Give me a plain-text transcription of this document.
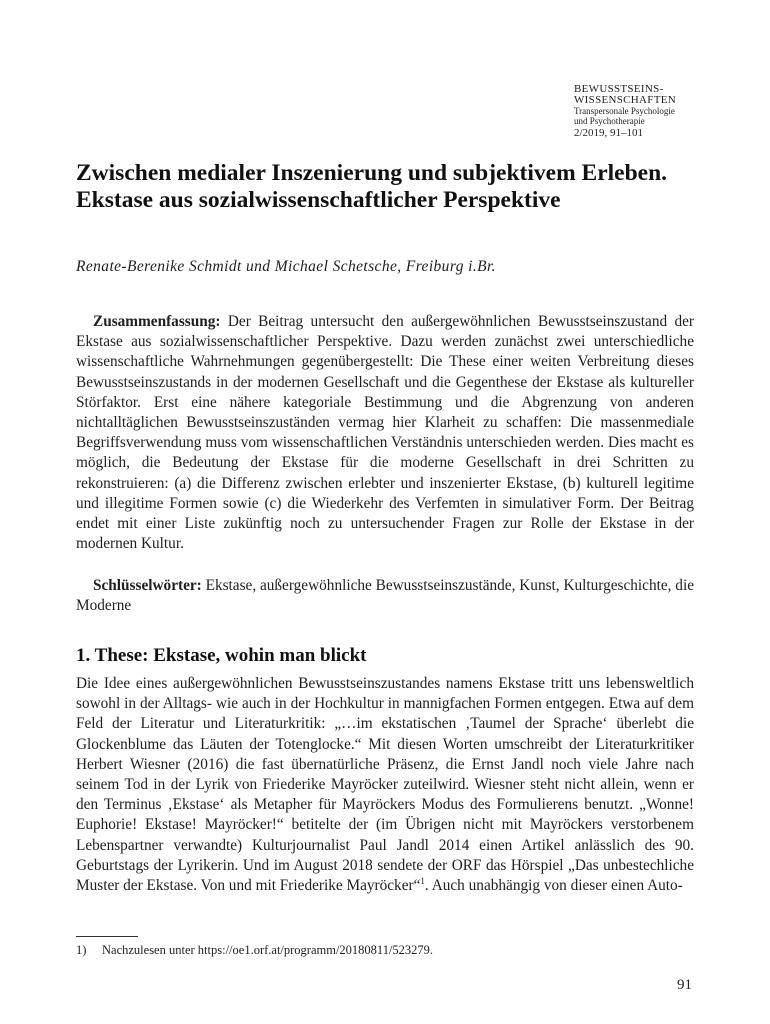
BEWUSSTSEINS-
WISSENSCHAFTEN
Transpersonale Psychologie
und Psychotherapie
2/2019, 91–101
Zwischen medialer Inszenierung und subjektivem Erleben. Ekstase aus sozialwissenschaftlicher Perspektive
Renate-Berenike Schmidt und Michael Schetsche, Freiburg i.Br.

Zusammenfassung: Der Beitrag untersucht den außergewöhnlichen Bewusstseinszustand der Ekstase aus sozialwissenschaftlicher Perspektive. Dazu werden zunächst zwei unterschiedliche wissenschaftliche Wahrnehmungen gegenübergestellt: Die These einer weiten Verbreitung dieses Bewusstseinszustands in der modernen Gesellschaft und die Gegenthese der Ekstase als kultureller Störfaktor. Erst eine nähere kategoriale Bestimmung und die Abgrenzung von anderen nichtalltäglichen Bewusstseinszuständen vermag hier Klarheit zu schaffen: Die massenmediale Begriffsverwendung muss vom wissenschaftlichen Verständnis unterschieden werden. Dies macht es möglich, die Bedeutung der Ekstase für die moderne Gesellschaft in drei Schritten zu rekonstruieren: (a) die Differenz zwischen erlebter und inszenierter Ekstase, (b) kulturell legitime und illegitime Formen sowie (c) die Wiederkehr des Verfemten in simulativer Form. Der Beitrag endet mit einer Liste zukünftig noch zu untersuchender Fragen zur Rolle der Ekstase in der modernen Kultur.

Schlüsselwörter: Ekstase, außergewöhnliche Bewusstseinszustände, Kunst, Kulturgeschichte, die Moderne

1. These: Ekstase, wohin man blickt

Die Idee eines außergewöhnlichen Bewusstseinszustandes namens Ekstase tritt uns lebensweltlich sowohl in der Alltags- wie auch in der Hochkultur in mannigfachen Formen entgegen. Etwa auf dem Feld der Literatur und Literaturkritik: „…im ekstatischen ‚Taumel der Sprache‘ überlebt die Glockenblume das Läuten der Totenglocke.“ Mit diesen Worten umschreibt der Literaturkritiker Herbert Wiesner (2016) die fast übernatürliche Präsenz, die Ernst Jandl noch viele Jahre nach seinem Tod in der Lyrik von Friederike Mayröcker zuteilwird. Wiesner steht nicht allein, wenn er den Terminus ‚Ekstase‘ als Metapher für Mayröckers Modus des Formulierens benutzt. „Wonne! Euphorie! Ekstase! Mayröcker!“ betitelte der (im Übrigen nicht mit Mayröckers verstorbenem Lebenspartner verwandte) Kulturjournalist Paul Jandl 2014 einen Artikel anlässlich des 90. Geburtstags der Lyrikerin. Und im August 2018 sendete der ORF das Hörspiel „Das unbestechliche Muster der Ekstase. Von und mit Friederike Mayröcker“$^1$. Auch unabhängig von dieser einen Auto-

1) Nachzulesen unter https://oe1.orf.at/programm/20180811/523279.
91
